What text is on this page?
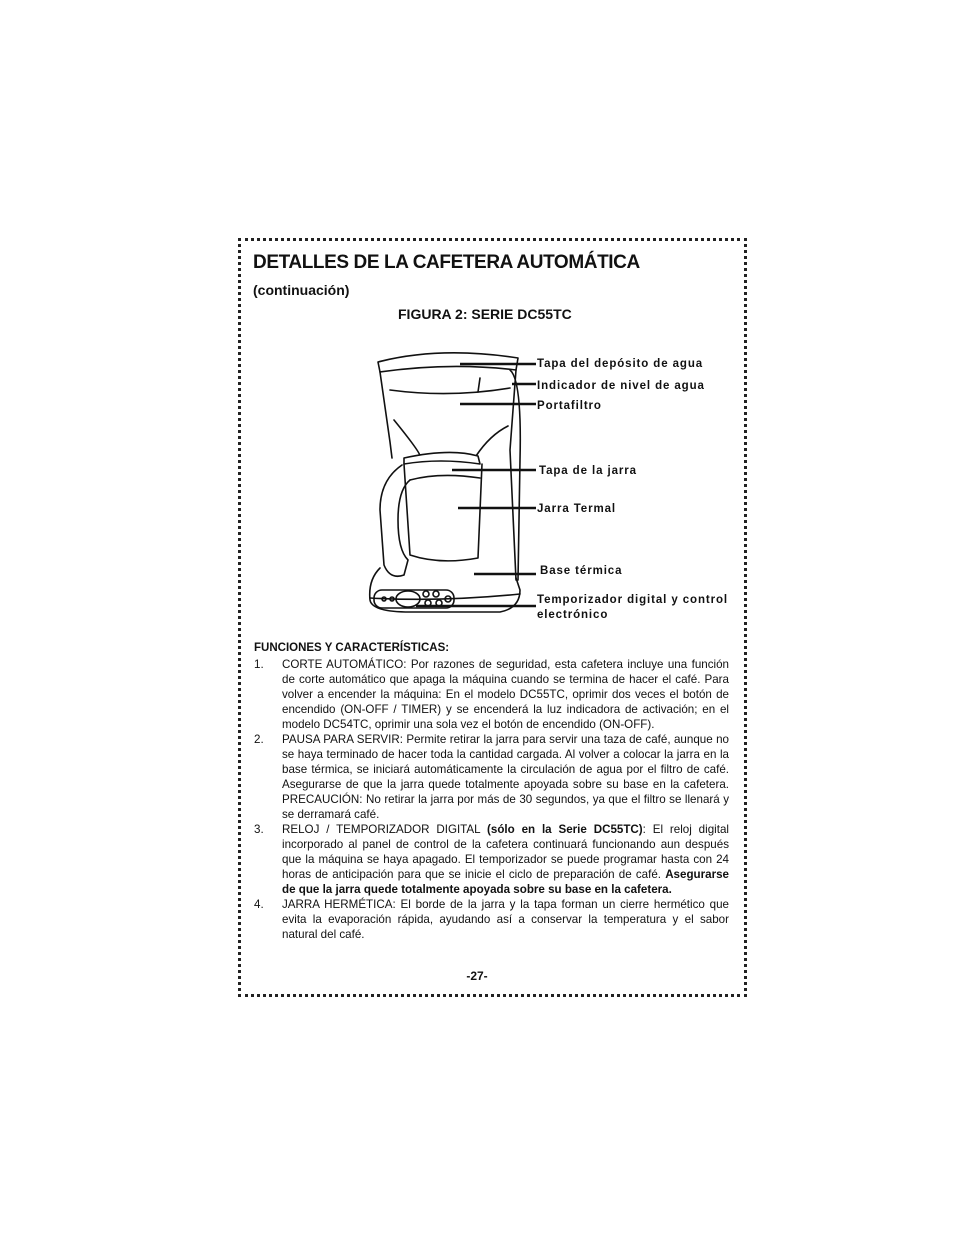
DETALLES DE LA CAFETERA AUTOMÁTICA
(continuación)
FIGURA 2: SERIE DC55TC
Tapa del depósito de agua
Indicador de nivel de agua
Portafiltro
Tapa de la jarra
Jarra Termal
Base térmica
Temporizador digital y control electrónico
FUNCIONES Y CARACTERÍSTICAS:
1. CORTE AUTOMÁTICO: Por razones de seguridad, esta cafetera incluye una función de corte automático que apaga la máquina cuando se termina de hacer el café. Para volver a encender la máquina: En el modelo DC55TC, oprimir dos veces el botón de encendido (ON-OFF / TIMER) y se encenderá la luz indicadora de activación; en el modelo DC54TC, oprimir una sola vez el botón de encendido (ON-OFF).
2. PAUSA PARA SERVIR: Permite retirar la jarra para servir una taza de café, aunque no se haya terminado de hacer toda la cantidad cargada. Al volver a colocar la jarra en la base térmica, se iniciará automáticamente la circulación de agua por el filtro de café. Asegurarse de que la jarra quede totalmente apoyada sobre su base en la cafetera. PRECAUCIÓN: No retirar la jarra por más de 30 segundos, ya que el filtro se llenará y se derramará café.
3. RELOJ / TEMPORIZADOR DIGITAL (sólo en la Serie DC55TC): El reloj digital incorporado al panel de control de la cafetera continuará funcionando aun después que la máquina se haya apagado. El temporizador se puede programar hasta con 24 horas de anticipación para que se inicie el ciclo de preparación de café. Asegurarse de que la jarra quede totalmente apoyada sobre su base en la cafetera.
4. JARRA HERMÉTICA: El borde de la jarra y la tapa forman un cierre hermético que evita la evaporación rápida, ayudando así a conservar la temperatura y el sabor natural del café.
-27-
